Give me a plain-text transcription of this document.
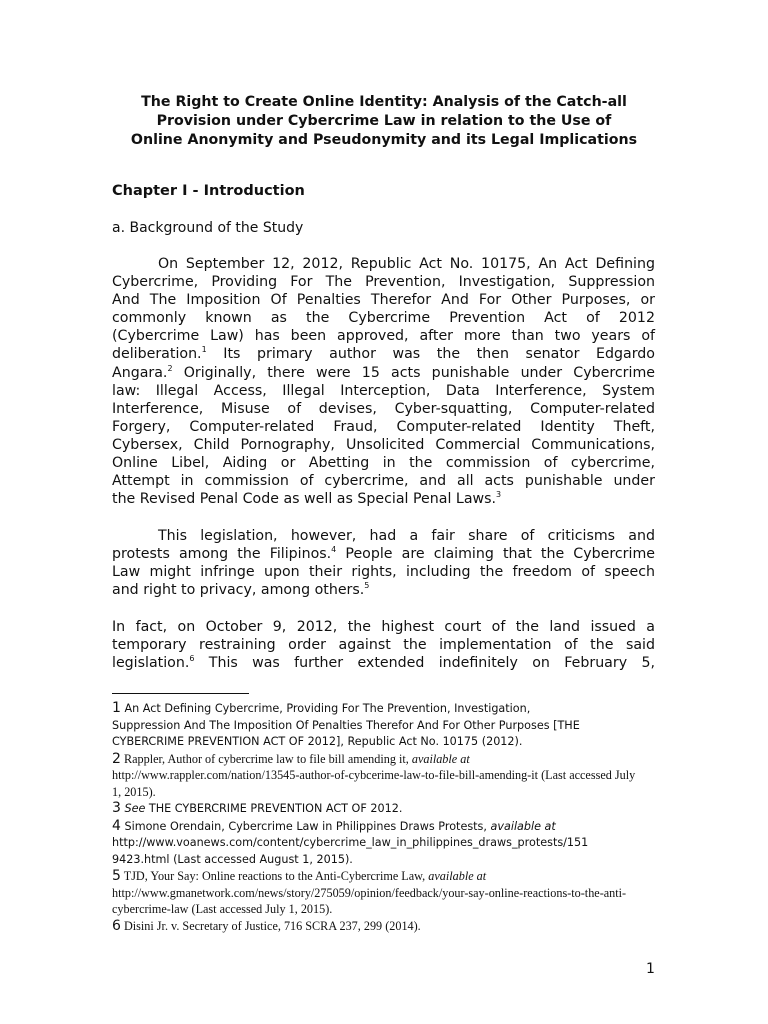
The Right to Create Online Identity: Analysis of the Catch-all
Provision under Cybercrime Law in relation to the Use of
Online Anonymity and Pseudonymity and its Legal Implications
Chapter I - Introduction
a. Background of the Study
On September 12, 2012, Republic Act No. 10175, An Act Defining
Cybercrime, Providing For The Prevention, Investigation, Suppression
And The Imposition Of Penalties Therefor And For Other Purposes, or
commonly known as the Cybercrime Prevention Act of 2012
(Cybercrime Law) has been approved, after more than two years of
deliberation.$^1$ Its primary author was the then senator Edgardo
Angara.$^2$ Originally, there were 15 acts punishable under Cybercrime
law: Illegal Access, Illegal Interception, Data Interference, System
Interference, Misuse of devises, Cyber-squatting, Computer-related
Forgery, Computer-related Fraud, Computer-related Identity Theft,
Cybersex, Child Pornography, Unsolicited Commercial Communications,
Online Libel, Aiding or Abetting in the commission of cybercrime,
Attempt in commission of cybercrime, and all acts punishable under
the Revised Penal Code as well as Special Penal Laws.$^3$
This legislation, however, had a fair share of criticisms and
protests among the Filipinos.$^4$ People are claiming that the Cybercrime
Law might infringe upon their rights, including the freedom of speech
and right to privacy, among others.$^5$
In fact, on October 9, 2012, the highest court of the land issued a
temporary restraining order against the implementation of the said
legislation.$^6$ This was further extended indefinitely on February 5,
1 An Act Defining Cybercrime, Providing For The Prevention, Investigation,
Suppression And The Imposition Of Penalties Therefor And For Other Purposes [THE
CYBERCRIME PREVENTION ACT OF 2012], Republic Act No. 10175 (2012).
2 Rappler, Author of cybercrime law to file bill amending it, available at
http://www.rappler.com/nation/13545-author-of-cybcerime-law-to-file-bill-amending-it (Last accessed July
1, 2015).
3 See THE CYBERCRIME PREVENTION ACT OF 2012.
4 Simone Orendain, Cybercrime Law in Philippines Draws Protests, available at
http://www.voanews.com/content/cybercrime_law_in_philippines_draws_protests/151
9423.html (Last accessed August 1, 2015).
5 TJD, Your Say: Online reactions to the Anti-Cybercrime Law, available at
http://www.gmanetwork.com/news/story/275059/opinion/feedback/your-say-online-reactions-to-the-anti-
cybercrime-law (Last accessed July 1, 2015).
6 Disini Jr. v. Secretary of Justice, 716 SCRA 237, 299 (2014).
1
